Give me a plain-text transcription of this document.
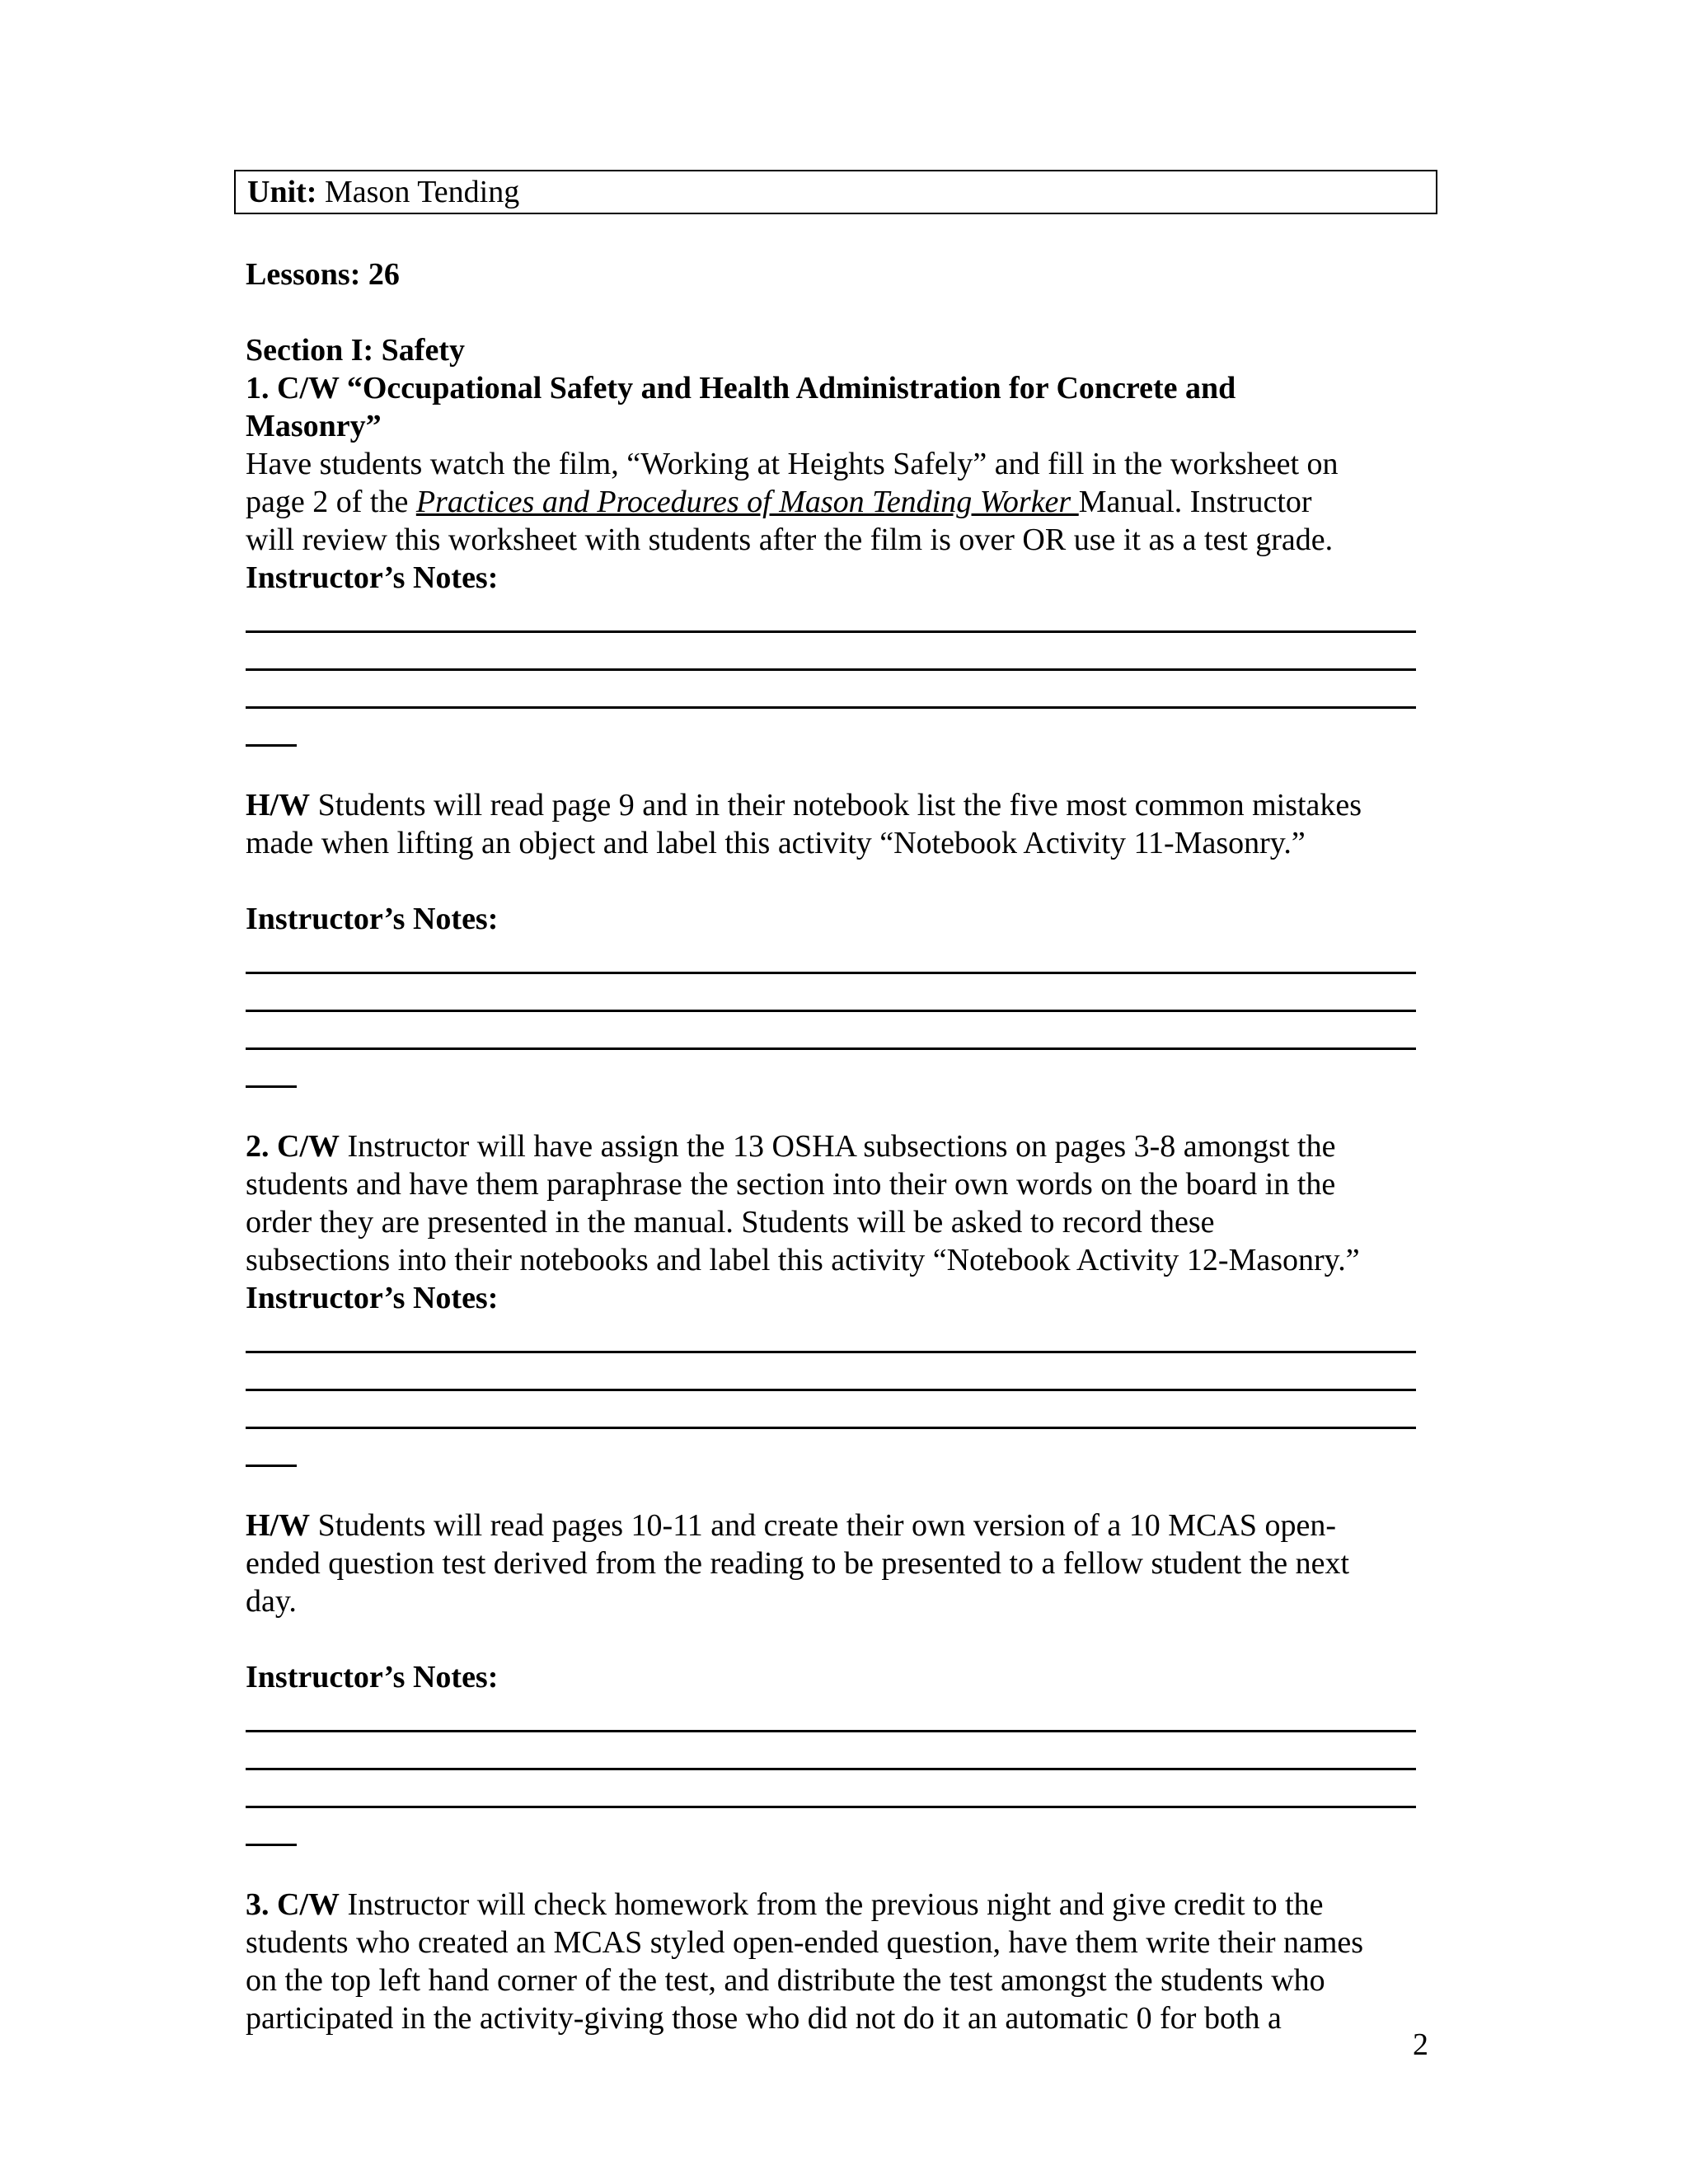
Unit: Mason Tending
Lessons: 26
Section I: Safety
1. C/W “Occupational Safety and Health Administration for Concrete and
Masonry”
Have students watch the film, “Working at Heights Safely” and fill in the worksheet on
page 2 of the Practices and Procedures of Mason Tending Worker Manual. Instructor
will review this worksheet with students after the film is over OR use it as a test grade.
Instructor’s Notes:
H/W Students will read page 9 and in their notebook list the five most common mistakes
made when lifting an object and label this activity “Notebook Activity 11-Masonry.”
Instructor’s Notes:
2. C/W Instructor will have assign the 13 OSHA subsections on pages 3-8 amongst the
students and have them paraphrase the section into their own words on the board in the
order they are presented in the manual. Students will be asked to record these
subsections into their notebooks and label this activity “Notebook Activity 12-Masonry.”
Instructor’s Notes:
H/W Students will read pages 10-11 and create their own version of a 10 MCAS open-
ended question test derived from the reading to be presented to a fellow student the next
day.
Instructor’s Notes:
3. C/W Instructor will check homework from the previous night and give credit to the
students who created an MCAS styled open-ended question, have them write their names
on the top left hand corner of the test, and distribute the test amongst the students who
participated in the activity-giving those who did not do it an automatic 0 for both a
2
